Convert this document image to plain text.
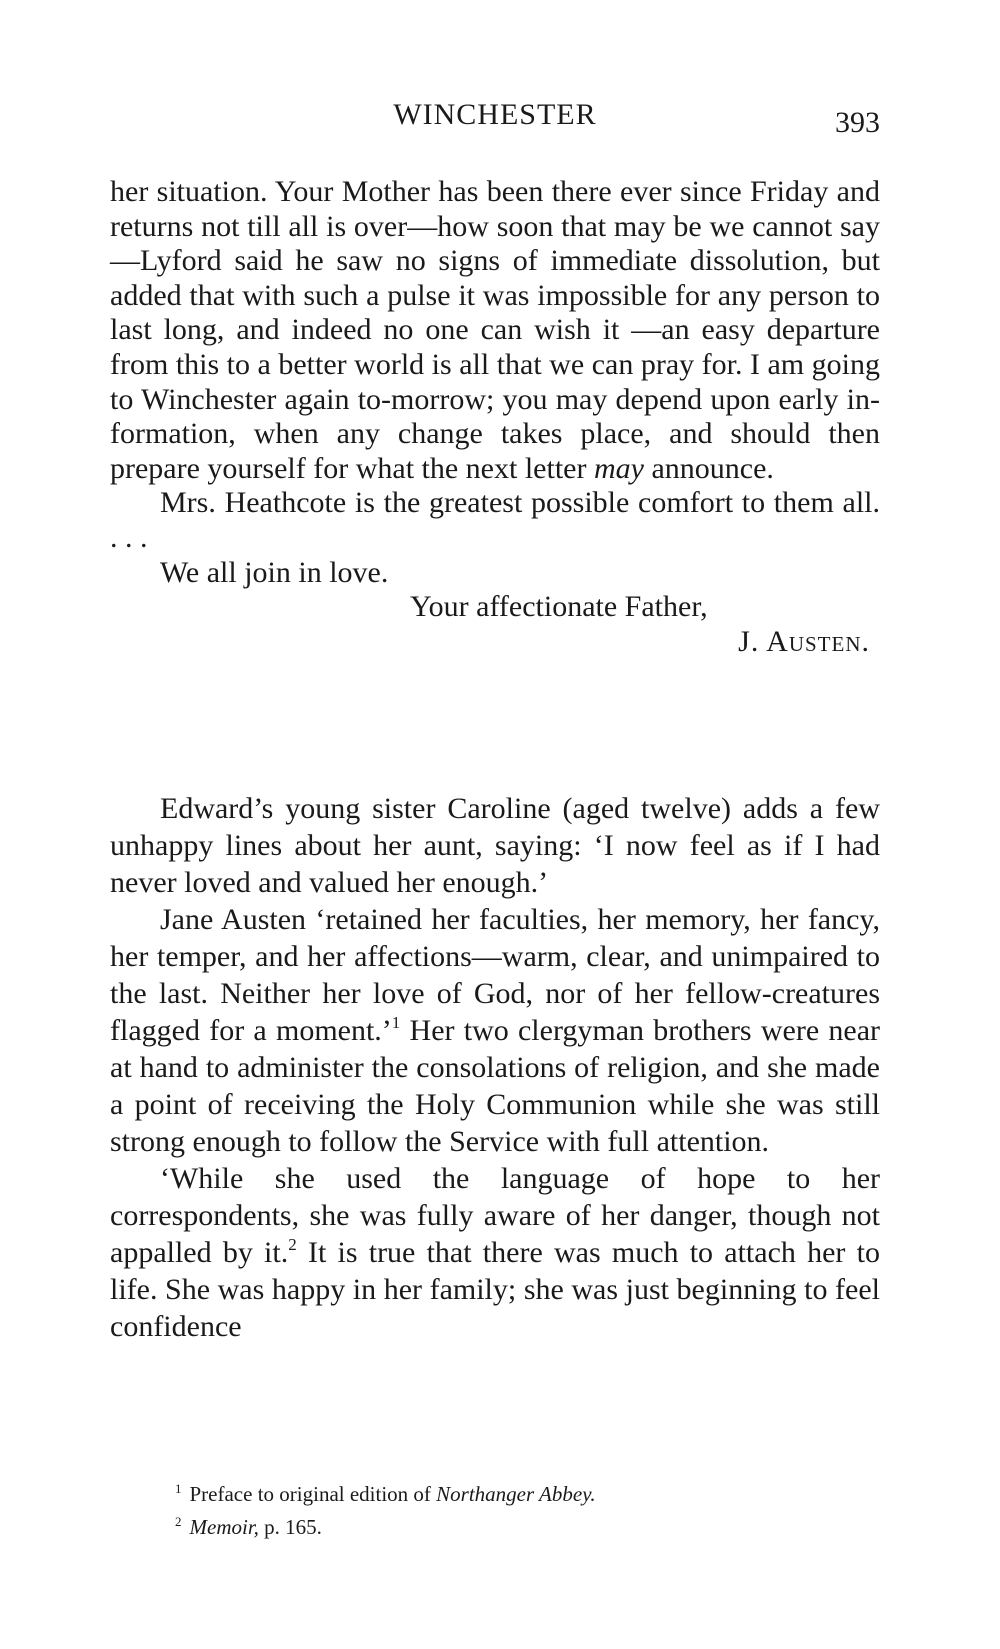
WINCHESTER	393

her situation. Your Mother has been there ever since Friday and returns not till all is over—how soon that may be we cannot say—Lyford said he saw no signs of immediate dissolution, but added that with such a pulse it was impossible for any person to last long, and indeed no one can wish it —an easy departure from this to a better world is all that we can pray for. I am going to Winchester again to-morrow; you may depend upon early in-formation, when any change takes place, and should then prepare yourself for what the next letter may announce.

Mrs. Heathcote is the greatest possible comfort to them all. . . .

We all join in love.

Your affectionate Father,

J. Austen.

Edward’s young sister Caroline (aged twelve) adds a few unhappy lines about her aunt, saying: ‘I now feel as if I had never loved and valued her enough.’

Jane Austen ‘retained her faculties, her memory, her fancy, her temper, and her affections—warm, clear, and unimpaired to the last. Neither her love of God, nor of her fellow-creatures flagged for a moment.’$^1$ Her two clergyman brothers were near at hand to administer the consolations of religion, and she made a point of receiving the Holy Communion while she was still strong enough to follow the Service with full attention.

‘While she used the language of hope to her correspondents, she was fully aware of her danger, though not appalled by it.$^2$ It is true that there was much to attach her to life. She was happy in her family; she was just beginning to feel confidence

$^1$ Preface to original edition of Northanger Abbey.

$^2$ Memoir, p. 165.
